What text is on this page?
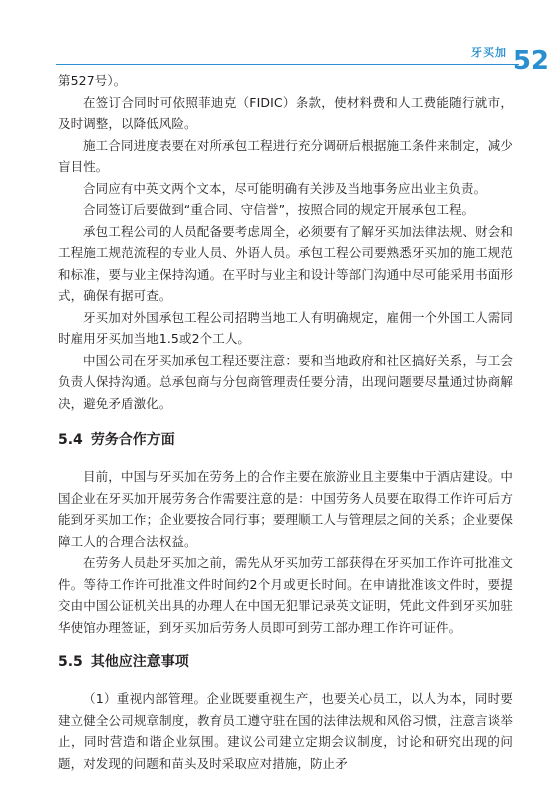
牙买加 52

第527号）。

在签订合同时可依照菲迪克（FIDIC）条款，使材料费和人工费能随行就市，及时调整，以降低风险。

施工合同进度表要在对所承包工程进行充分调研后根据施工条件来制定，减少盲目性。

合同应有中英文两个文本，尽可能明确有关涉及当地事务应出业主负责。

合同签订后要做到“重合同、守信誉”，按照合同的规定开展承包工程。

承包工程公司的人员配备要考虑周全，必须要有了解牙买加法律法规、财会和工程施工规范流程的专业人员、外语人员。承包工程公司要熟悉牙买加的施工规范和标准，要与业主保持沟通。在平时与业主和设计等部门沟通中尽可能采用书面形式，确保有据可查。

牙买加对外国承包工程公司招聘当地工人有明确规定，雇佣一个外国工人需同时雇用牙买加当地1.5或2个工人。

中国公司在牙买加承包工程还要注意：要和当地政府和社区搞好关系，与工会负责人保持沟通。总承包商与分包商管理责任要分清，出现问题要尽量通过协商解决，避免矛盾激化。

5.4 劳务合作方面

目前，中国与牙买加在劳务上的合作主要在旅游业且主要集中于酒店建设。中国企业在牙买加开展劳务合作需要注意的是：中国劳务人员要在取得工作许可后方能到牙买加工作；企业要按合同行事；要理顺工人与管理层之间的关系；企业要保障工人的合理合法权益。

在劳务人员赴牙买加之前，需先从牙买加劳工部获得在牙买加工作许可批准文件。等待工作许可批准文件时间约2个月或更长时间。在申请批准该文件时，要提交由中国公证机关出具的办理人在中国无犯罪记录英文证明，凭此文件到牙买加驻华使馆办理签证，到牙买加后劳务人员即可到劳工部办理工作许可证件。

5.5 其他应注意事项

（1）重视内部管理。企业既要重视生产，也要关心员工，以人为本，同时要建立健全公司规章制度，教育员工遵守驻在国的法律法规和风俗习惯，注意言谈举止，同时营造和谐企业氛围。建议公司建立定期会议制度，讨论和研究出现的问题，对发现的问题和苗头及时采取应对措施，防止矛
